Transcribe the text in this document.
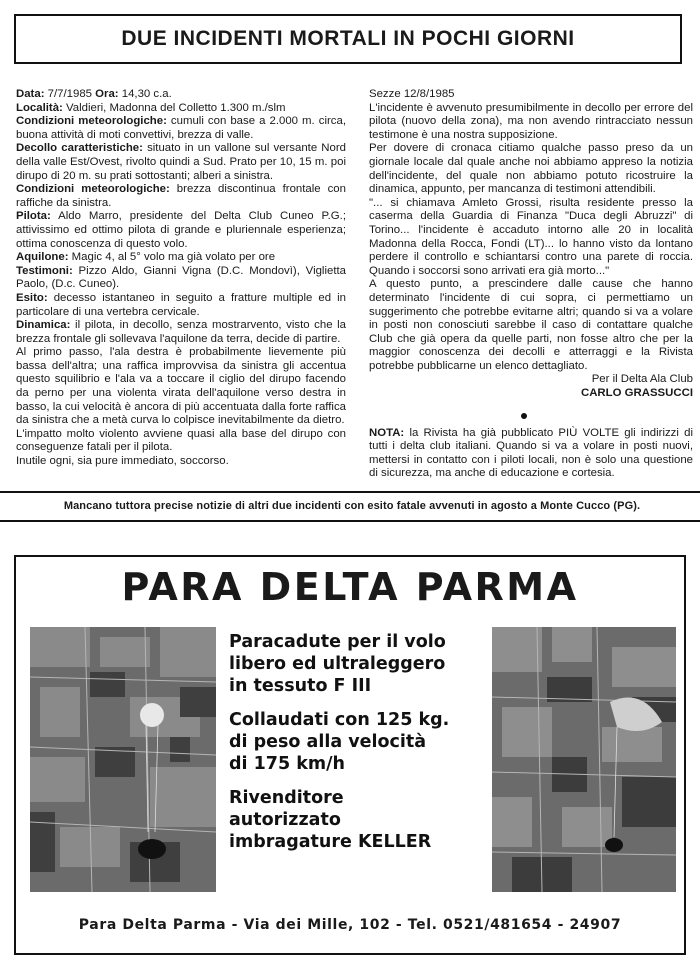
DUE INCIDENTI MORTALI IN POCHI GIORNI

Data: 7/7/1985 Ora: 14,30 c.a.

Località: Valdieri, Madonna del Colletto 1.300 m./slm

Condizioni meteorologiche: cumuli con base a 2.000 m. circa, buona attività di moti convettivi, brezza di valle.

Decollo caratteristiche: situato in un vallone sul versante Nord della valle Est/Ovest, rivolto quindi a Sud. Prato per 10, 15 m. poi dirupo di 20 m. su prati sottostanti; alberi a sinistra.

Condizioni meteorologiche: brezza discontinua frontale con raffiche da sinistra.

Pilota: Aldo Marro, presidente del Delta Club Cuneo P.G.; attivissimo ed ottimo pilota di grande e pluriennale esperienza; ottima conoscenza di questo volo.

Aquilone: Magic 4, al 5° volo ma già volato per ore

Testimoni: Pizzo Aldo, Gianni Vigna (D.C. Mondovì), Viglietta Paolo, (D.c. Cuneo).

Esito: decesso istantaneo in seguito a fratture multiple ed in particolare di una vertebra cervicale.

Dinamica: il pilota, in decollo, senza mostrarvento, visto che la brezza frontale gli sollevava l'aquilone da terra, decide di partire.

Al primo passo, l'ala destra è probabilmente lievemente più bassa dell'altra; una raffica improvvisa da sinistra gli accentua questo squilibrio e l'ala va a toccare il ciglio del dirupo facendo da perno per una violenta virata dell'aquilone verso destra in basso, la cui velocità è ancora di più accentuata dalla forte raffica da sinistra che a metà curva lo colpisce inevitabilmente da dietro.

L'impatto molto violento avviene quasi alla base del dirupo con conseguenze fatali per il pilota.

Inutile ogni, sia pure immediato, soccorso.

Sezze 12/8/1985

L'incidente è avvenuto presumibilmente in decollo per errore del pilota (nuovo della zona), ma non avendo rintracciato nessun testimone è una nostra supposizione.

Per dovere di cronaca citiamo qualche passo preso da un giornale locale dal quale anche noi abbiamo appreso la notizia dell'incidente, del quale non abbiamo potuto ricostruire la dinamica, appunto, per mancanza di testimoni attendibili.

"... si chiamava Amleto Grossi, risulta residente presso la caserma della Guardia di Finanza "Duca degli Abruzzi" di Torino... l'incidente è accaduto intorno alle 20 in località Madonna della Rocca, Fondi (LT)... lo hanno visto da lontano perdere il controllo e schiantarsi contro una parete di roccia. Quando i soccorsi sono arrivati era già morto..."

A questo punto, a prescindere dalle cause che hanno determinato l'incidente di cui sopra, ci permettiamo un suggerimento che potrebbe evitarne altri; quando si va a volare in posti non conosciuti sarebbe il caso di contattare qualche Club che già opera da quelle parti, non fosse altro che per la maggior conoscenza dei decolli e atterraggi e la Rivista potrebbe pubblicarne un elenco dettagliato.

Per il Delta Ala Club

CARLO GRASSUCCI

NOTA: la Rivista ha già pubblicato PIÙ VOLTE gli indirizzi di tutti i delta club italiani. Quando si va a volare in posti nuovi, mettersi in contatto con i piloti locali, non è solo una questione di sicurezza, ma anche di educazione e cortesia.

Mancano tuttora precise notizie di altri due incidenti con esito fatale avvenuti in agosto a Monte Cucco (PG).
PARA DELTA PARMA

Paracadute per il volo
libero ed ultraleggero
in tessuto F III

Collaudati con 125 kg.
di peso alla velocità
di 175 km/h

Rivenditore
autorizzato
imbragature KELLER

Para Delta Parma - Via dei Mille, 102 - Tel. 0521/481654 - 24907
